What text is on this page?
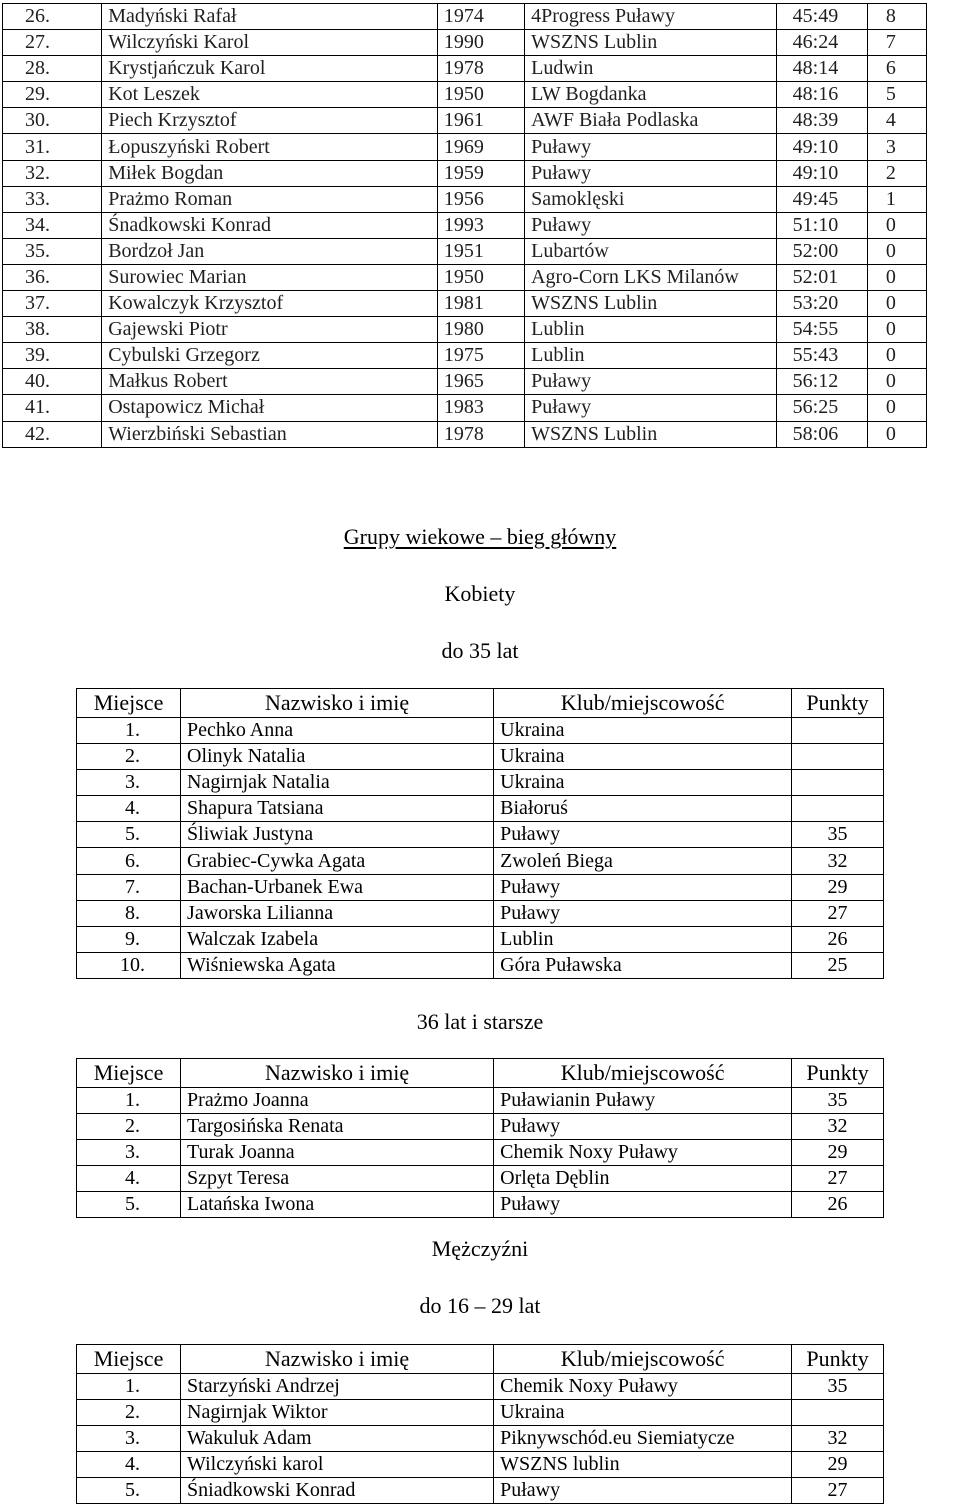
26.	Madyński Rafał	1974	4Progress Puławy	45:49	8
27.	Wilczyński Karol	1990	WSZNS Lublin	46:24	7
28.	Krystjańczuk Karol	1978	Ludwin	48:14	6
29.	Kot Leszek	1950	LW Bogdanka	48:16	5
30.	Piech Krzysztof	1961	AWF Biała Podlaska	48:39	4
31.	Łopuszyński Robert	1969	Puławy	49:10	3
32.	Miłek Bogdan	1959	Puławy	49:10	2
33.	Prażmo Roman	1956	Samoklęski	49:45	1
34.	Śnadkowski Konrad	1993	Puławy	51:10	0
35.	Bordzoł Jan	1951	Lubartów	52:00	0
36.	Surowiec Marian	1950	Agro-Corn LKS Milanów	52:01	0
37.	Kowalczyk Krzysztof	1981	WSZNS Lublin	53:20	0
38.	Gajewski Piotr	1980	Lublin	54:55	0
39.	Cybulski Grzegorz	1975	Lublin	55:43	0
40.	Małkus Robert	1965	Puławy	56:12	0
41.	Ostapowicz Michał	1983	Puławy	56:25	0
42.	Wierzbiński Sebastian	1978	WSZNS Lublin	58:06	0
Grupy wiekowe – bieg główny
Kobiety
do 35 lat
Miejsce	Nazwisko i imię	Klub/miejscowość	Punkty
1.	Pechko Anna	Ukraina	
2.	Olinyk Natalia	Ukraina	
3.	Nagirnjak Natalia	Ukraina	
4.	Shapura Tatsiana	Białoruś	
5.	Śliwiak Justyna	Puławy	35
6.	Grabiec-Cywka Agata	Zwoleń Biega	32
7.	Bachan-Urbanek Ewa	Puławy	29
8.	Jaworska Lilianna	Puławy	27
9.	Walczak Izabela	Lublin	26
10.	Wiśniewska Agata	Góra Puławska	25
36 lat i starsze
Miejsce	Nazwisko i imię	Klub/miejscowość	Punkty
1.	Prażmo Joanna	Puławianin Puławy	35
2.	Targosińska Renata	Puławy	32
3.	Turak Joanna	Chemik Noxy Puławy	29
4.	Szpyt Teresa	Orlęta Dęblin	27
5.	Latańska Iwona	Puławy	26
Mężczyźni
do 16 – 29 lat
Miejsce	Nazwisko i imię	Klub/miejscowość	Punkty
1.	Starzyński Andrzej	Chemik Noxy Puławy	35
2.	Nagirnjak Wiktor	Ukraina	
3.	Wakuluk Adam	Piknywschód.eu Siemiatycze	32
4.	Wilczyński karol	WSZNS lublin	29
5.	Śniadkowski Konrad	Puławy	27
